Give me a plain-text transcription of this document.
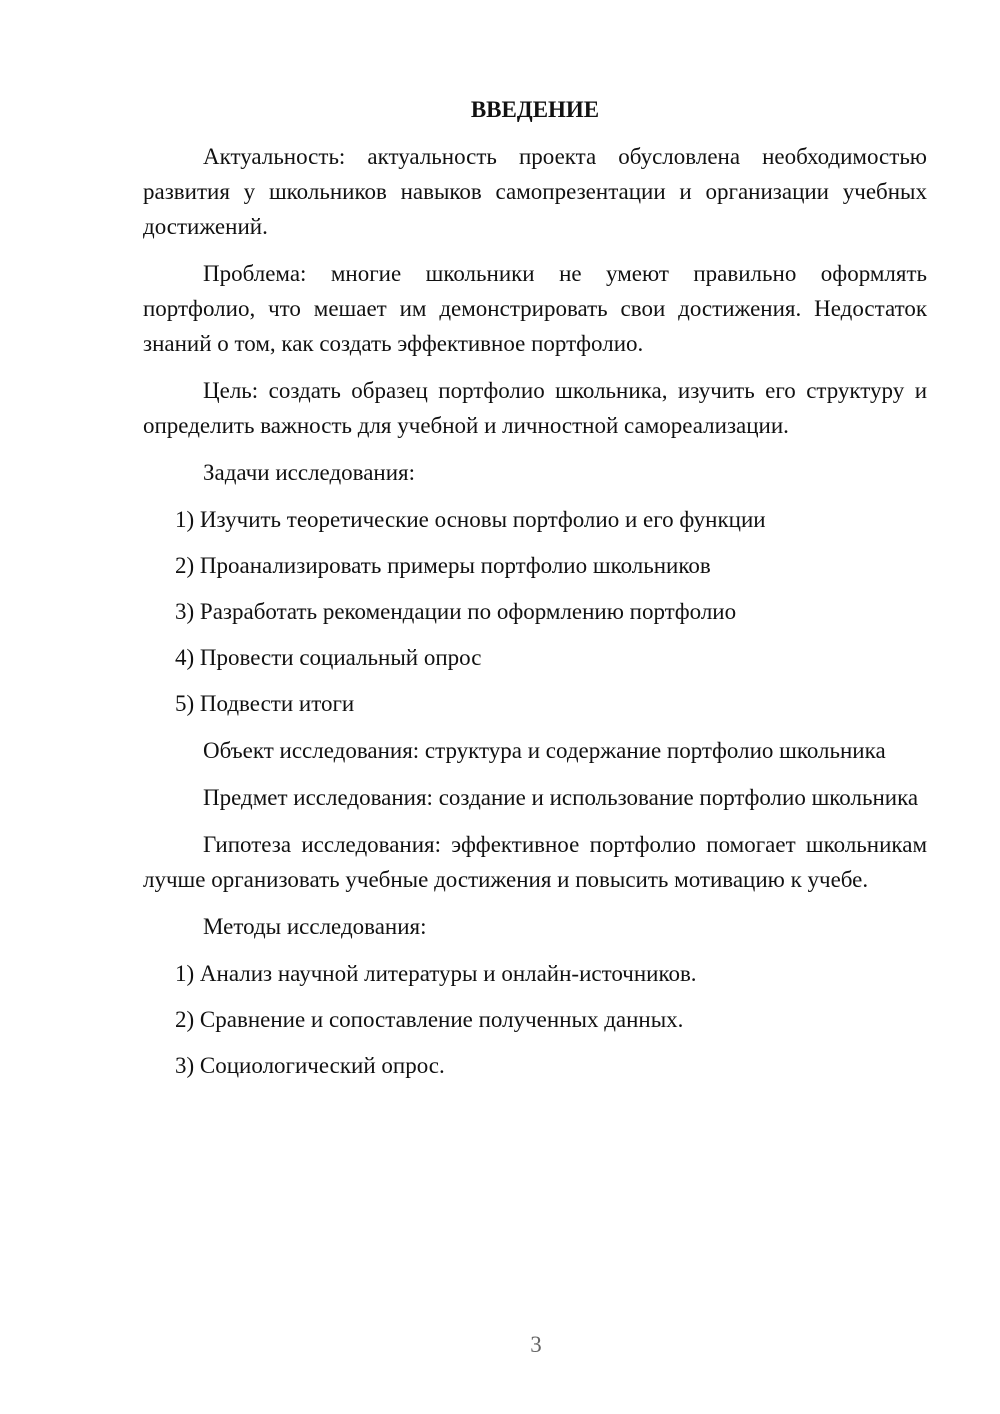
ВВЕДЕНИЕ

Актуальность: актуальность проекта обусловлена необходимостью развития у школьников навыков самопрезентации и организации учебных достижений.

Проблема: многие школьники не умеют правильно оформлять портфолио, что мешает им демонстрировать свои достижения. Недостаток знаний о том, как создать эффективное портфолио.

Цель: создать образец портфолио школьника, изучить его структуру и определить важность для учебной и личностной самореализации.

Задачи исследования:

1) Изучить теоретические основы портфолио и его функции
2) Проанализировать примеры портфолио школьников
3) Разработать рекомендации по оформлению портфолио
4) Провести социальный опрос
5) Подвести итоги

Объект исследования: структура и содержание портфолио школьника

Предмет исследования: создание и использование портфолио школьника

Гипотеза исследования: эффективное портфолио помогает школьникам лучше организовать учебные достижения и повысить мотивацию к учебе.

Методы исследования:

1) Анализ научной литературы и онлайн-источников.
2) Сравнение и сопоставление полученных данных.
3) Социологический опрос.
3
